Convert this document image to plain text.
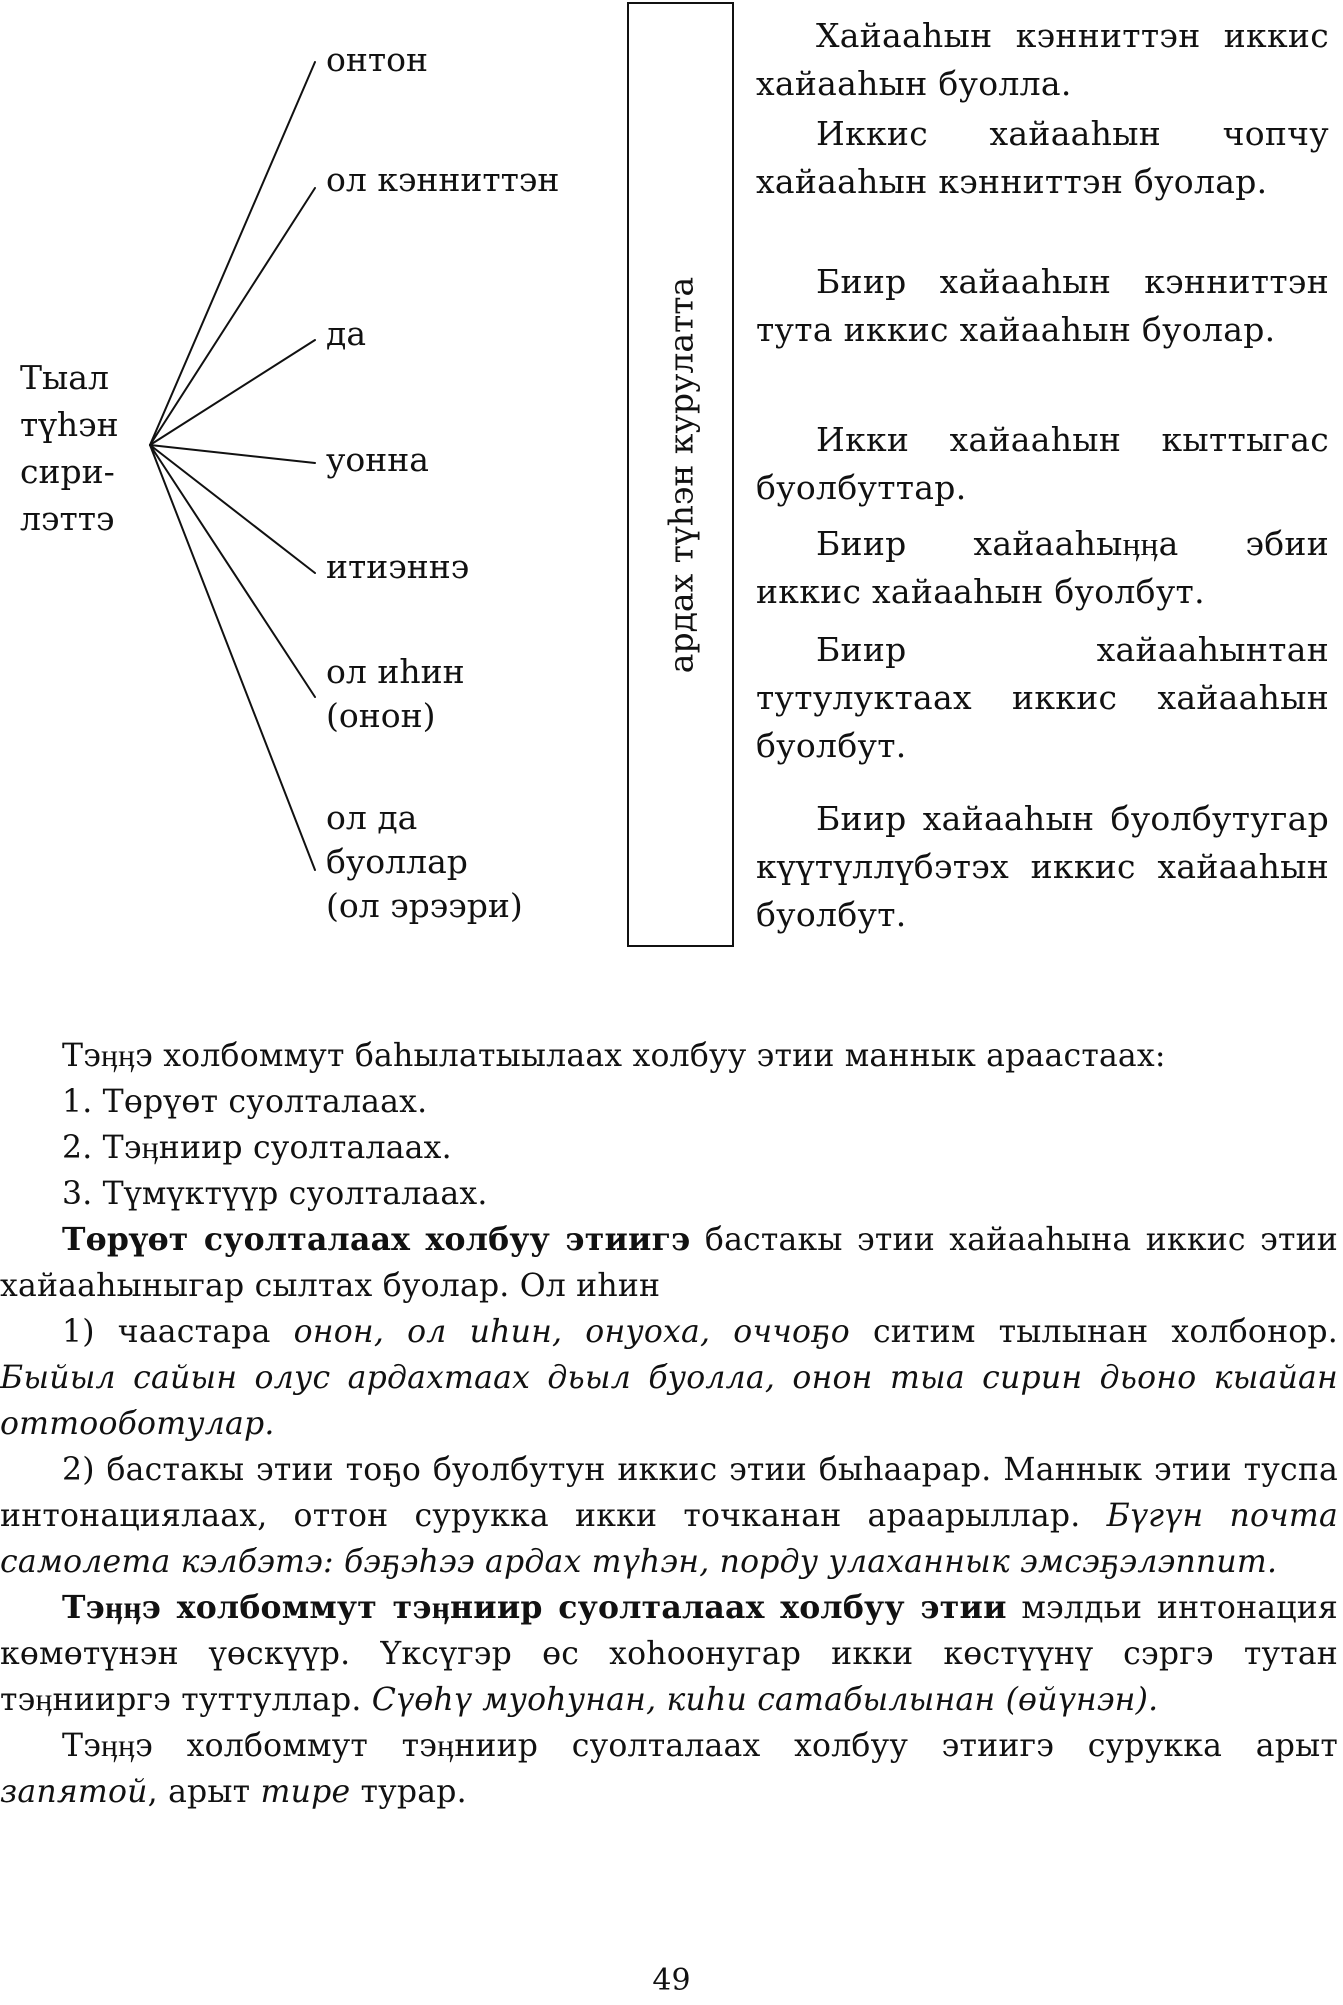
Тыал
түһэн
сири-
лэттэ
онтон
ол кэнниттэн
да
уонна
итиэннэ
ол иһин
(онон)
ол да
буоллар
(ол эрээри)
ардах түһэн курулатта
Хайааһын кэнниттэн иккис хайааһын буолла.
Иккис хайааһын чопчу хайааһын кэнниттэн буолар.
Биир хайааһын кэнниттэн тута иккис хайааһын буолар.
Икки хайааһын кыттыгас буолбуттар.
Биир хайааһыӊӊа эбии иккис хайааһын буолбут.
Биир хайааһынтан тутулуктаах иккис хайааһын буолбут.
Биир хайааһын буолбутугар күүтүллүбэтэх иккис хайааһын буолбут.

Тэӊӊэ холбоммут баһылатыылаах холбуу этии маннык араастаах:

1. Төрүөт суолталаах.

2. Тэӊниир суолталаах.

3. Түмүктүүр суолталаах.

Төрүөт суолталаах холбуу этиигэ бастакы этии хайааһына иккис этии хайааһыныгар сылтах буолар. Ол иһин

1) чаастара онон, ол иһин, онуоха, оччоҕо ситим тылынан холбонор. Быйыл сайын олус ардахтаах дьыл буолла, онон тыа сирин дьоно кыайан оттооботулар.

2) бастакы этии тоҕо буолбутун иккис этии быһаарар. Маннык этии туспа интонациялаах, оттон сурукка икки точканан араарыллар. Бүгүн почта самолета кэлбэтэ: бэҕэһээ ардах түһэн, порду улаханнык эмсэҕэлэппит.

Тэӊӊэ холбоммут тэӊниир суолталаах холбуу этии мэлдьи интонация көмөтүнэн үөскүүр. Үксүгэр өс хоһоонугар икки көстүүнү сэргэ тутан тэӊнииргэ туттуллар. Сүөһү муоһунан, киһи сатабылынан (өйүнэн).

Тэӊӊэ холбоммут тэӊниир суолталаах холбуу этиигэ сурукка арыт запятой, арыт тире турар.

49
